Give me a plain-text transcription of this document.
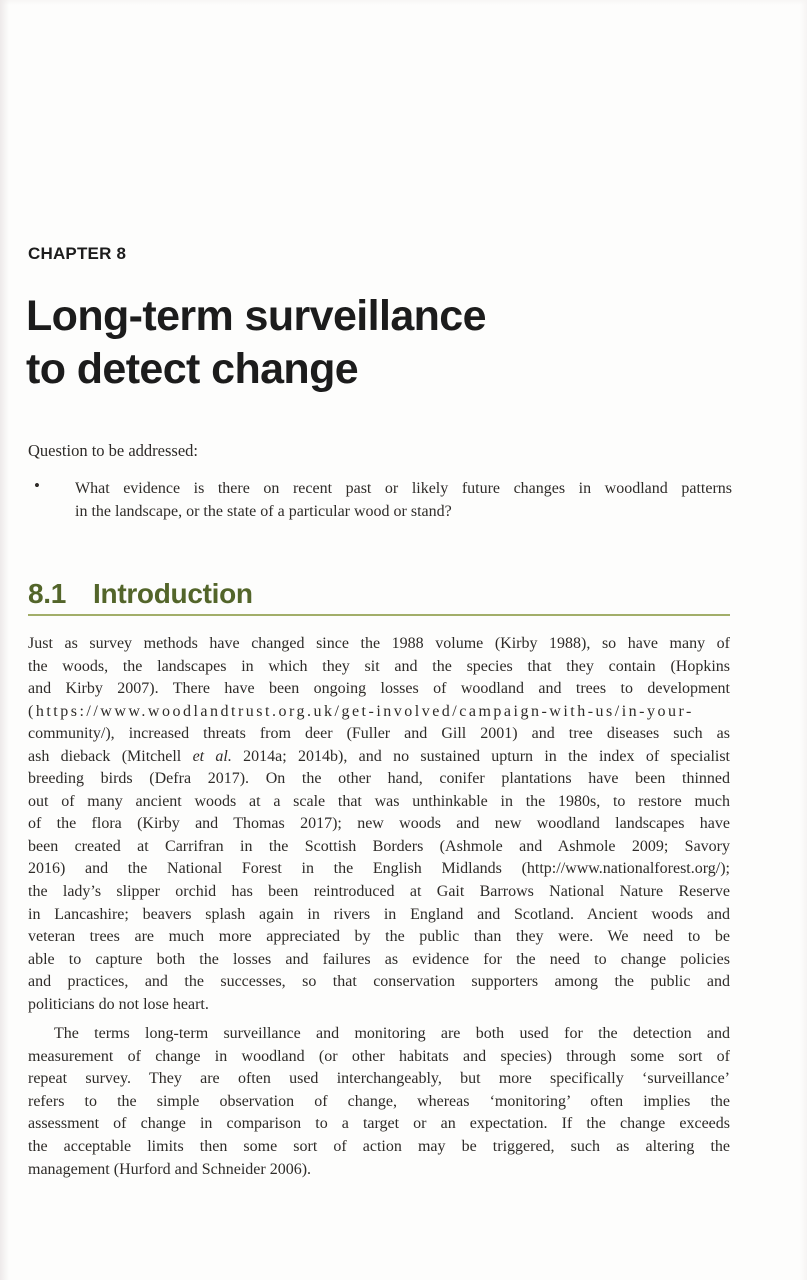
CHAPTER 8
Long-term surveillance
to detect change
Question to be addressed:
• What evidence is there on recent past or likely future changes in woodland patterns
in the landscape, or the state of a particular wood or stand?
8.1 Introduction
Just as survey methods have changed since the 1988 volume (Kirby 1988), so have many of
the woods, the landscapes in which they sit and the species that they contain (Hopkins
and Kirby 2007). There have been ongoing losses of woodland and trees to development
(https://www.woodlandtrust.org.uk/get-involved/campaign-with-us/in-your-
community/), increased threats from deer (Fuller and Gill 2001) and tree diseases such as
ash dieback (Mitchell et al. 2014a; 2014b), and no sustained upturn in the index of specialist
breeding birds (Defra 2017). On the other hand, conifer plantations have been thinned
out of many ancient woods at a scale that was unthinkable in the 1980s, to restore much
of the flora (Kirby and Thomas 2017); new woods and new woodland landscapes have
been created at Carrifran in the Scottish Borders (Ashmole and Ashmole 2009; Savory
2016) and the National Forest in the English Midlands (http://www.nationalforest.org/);
the lady’s slipper orchid has been reintroduced at Gait Barrows National Nature Reserve
in Lancashire; beavers splash again in rivers in England and Scotland. Ancient woods and
veteran trees are much more appreciated by the public than they were. We need to be
able to capture both the losses and failures as evidence for the need to change policies
and practices, and the successes, so that conservation supporters among the public and
politicians do not lose heart.
The terms long-term surveillance and monitoring are both used for the detection and
measurement of change in woodland (or other habitats and species) through some sort of
repeat survey. They are often used interchangeably, but more specifically ‘surveillance’
refers to the simple observation of change, whereas ‘monitoring’ often implies the
assessment of change in comparison to a target or an expectation. If the change exceeds
the acceptable limits then some sort of action may be triggered, such as altering the
management (Hurford and Schneider 2006).
